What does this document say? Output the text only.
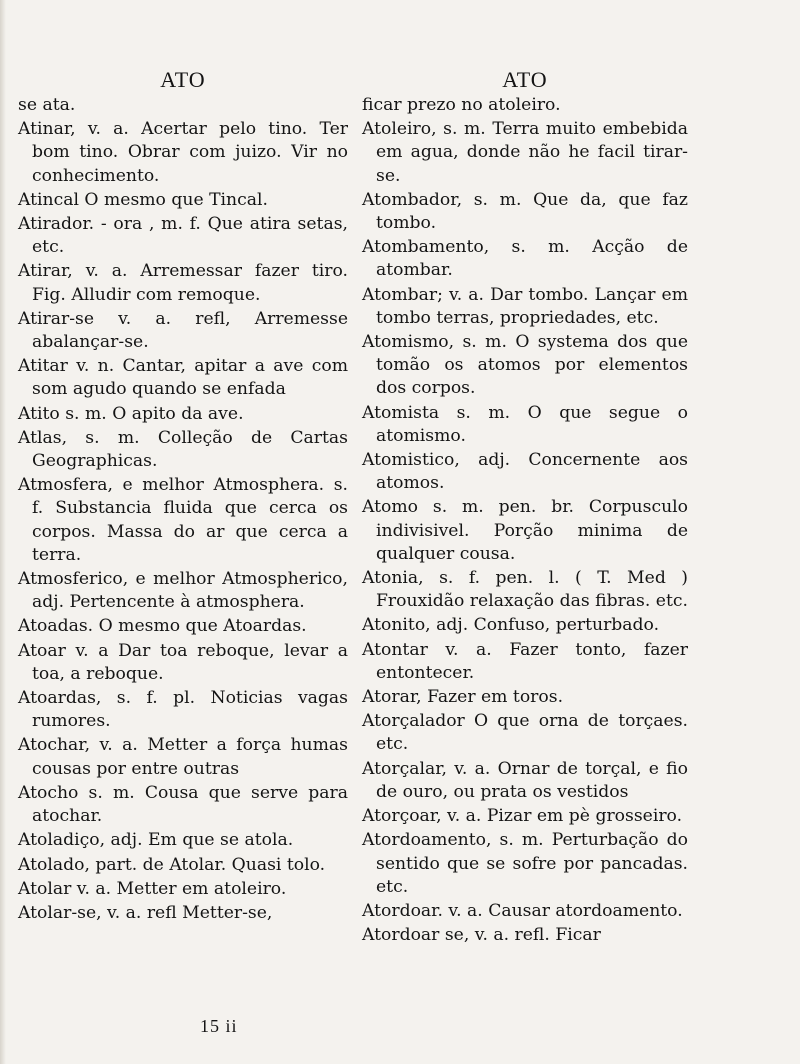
ATO

se ata.

Atinar, v. a. Acertar pelo tino. Ter bom tino. Obrar com juizo. Vir no conhecimento.

Atincal O mesmo que Tincal.

Atirador. - ora , m. f. Que atira setas, etc.

Atirar, v. a. Arremessar fazer tiro. Fig. Alludir com remoque.

Atirar-se v. a. refl, Arremesse abalançar-se.

Atitar v. n. Cantar, apitar a ave com som agudo quando se enfada

Atito s. m. O apito da ave.

Atlas, s. m. Colleção de Cartas Geographicas.

Atmosfera, e melhor Atmosphera. s. f. Substancia fluida que cerca os corpos. Massa do ar que cerca a terra.

Atmosferico, e melhor Atmospherico, adj. Pertencente à atmosphera.

Atoadas. O mesmo que Atoardas.

Atoar v. a Dar toa reboque, levar a toa, a reboque.

Atoardas, s. f. pl. Noticias vagas rumores.

Atochar, v. a. Metter a força humas cousas por entre outras

Atocho s. m. Cousa que serve para atochar.

Atoladiço, adj. Em que se atola.

Atolado, part. de Atolar. Quasi tolo.

Atolar v. a. Metter em atoleiro.

Atolar-se, v. a. refl Metter-se,

ATO

ficar prezo no atoleiro.

Atoleiro, s. m. Terra muito embebida em agua, donde não he facil tirar-se.

Atombador, s. m. Que da, que faz tombo.

Atombamento, s. m. Acção de atombar.

Atombar; v. a. Dar tombo. Lançar em tombo terras, propriedades, etc.

Atomismo, s. m. O systema dos que tomão os atomos por elementos dos corpos.

Atomista s. m. O que segue o atomismo.

Atomistico, adj. Concernente aos atomos.

Atomo s. m. pen. br. Corpusculo indivisivel. Porção minima de qualquer cousa.

Atonia, s. f. pen. l. ( T. Med ) Frouxidão relaxação das fibras. etc.

Atonito, adj. Confuso, perturbado.

Atontar v. a. Fazer tonto, fazer entontecer.

Atorar, Fazer em toros.

Atorçalador O que orna de torçaes. etc.

Atorçalar, v. a. Ornar de torçal, e fio de ouro, ou prata os vestidos

Atorçoar, v. a. Pizar em pè grosseiro.

Atordoamento, s. m. Perturbação do sentido que se sofre por pancadas. etc.

Atordoar. v. a. Causar atordoamento.

Atordoar se, v. a. refl. Ficar

15 ii
